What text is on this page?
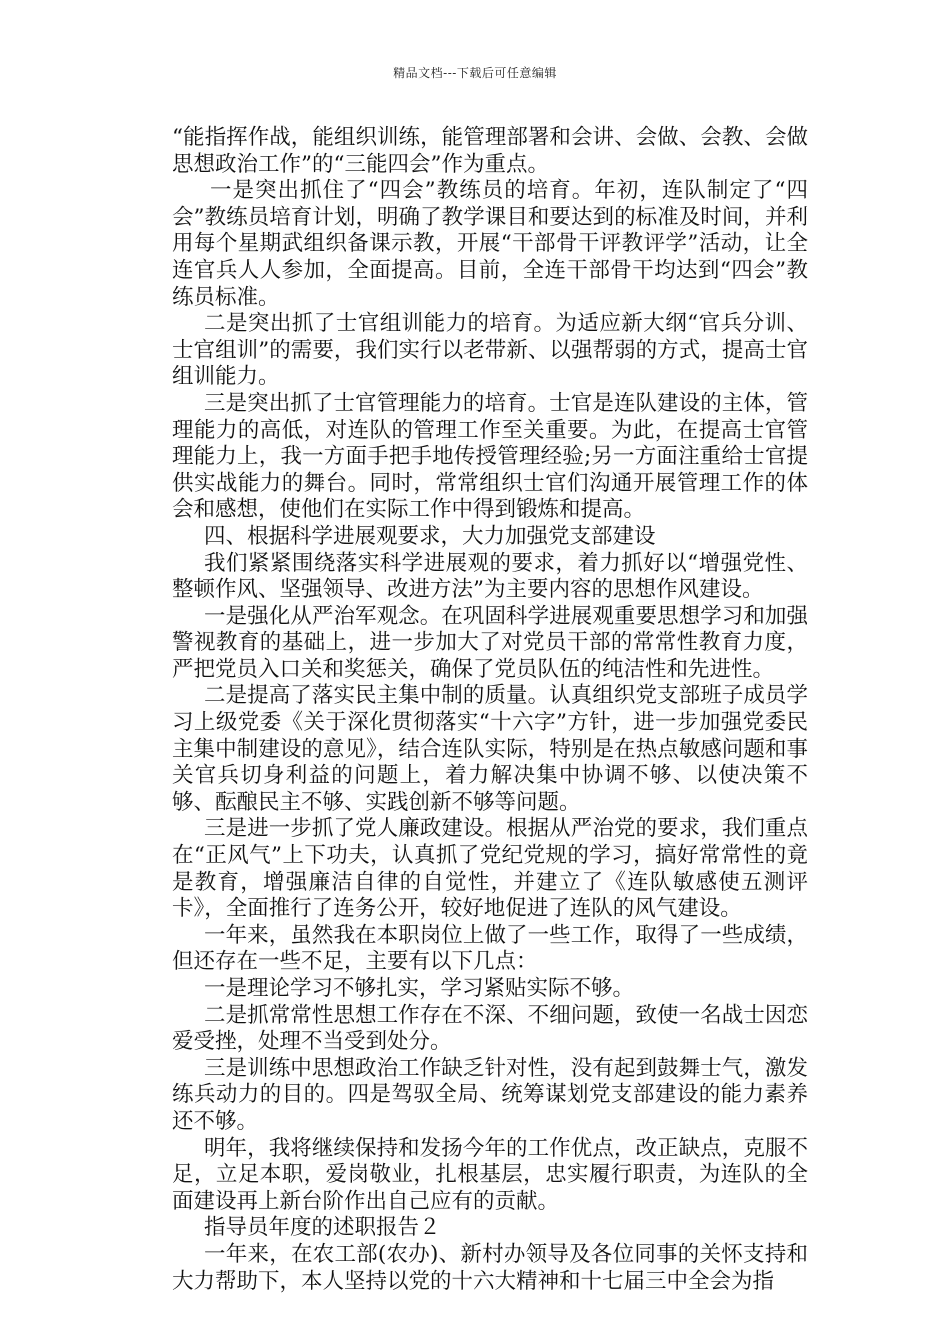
精品文档---下载后可任意编辑

“能指挥作战，能组织训练，能管理部署和会讲、会做、会教、会做思想政治工作”的“三能四会”作为重点。

一是突出抓住了“四会”教练员的培育。年初，连队制定了“四会”教练员培育计划，明确了教学课目和要达到的标准及时间，并利用每个星期武组织备课示教，开展“干部骨干评教评学”活动，让全连官兵人人参加，全面提高。目前，全连干部骨干均达到“四会”教练员标准。

二是突出抓了士官组训能力的培育。为适应新大纲“官兵分训、士官组训”的需要，我们实行以老带新、以强帮弱的方式，提高士官组训能力。

三是突出抓了士官管理能力的培育。士官是连队建设的主体，管理能力的高低，对连队的管理工作至关重要。为此，在提高士官管理能力上，我一方面手把手地传授管理经验;另一方面注重给士官提供实战能力的舞台。同时，常常组织士官们沟通开展管理工作的体会和感想，使他们在实际工作中得到锻炼和提高。

四、根据科学进展观要求，大力加强党支部建设

我们紧紧围绕落实科学进展观的要求，着力抓好以“增强党性、整顿作风、坚强领导、改进方法”为主要内容的思想作风建设。

一是强化从严治军观念。在巩固科学进展观重要思想学习和加强警视教育的基础上，进一步加大了对党员干部的常常性教育力度，严把党员入口关和奖惩关，确保了党员队伍的纯洁性和先进性。

二是提高了落实民主集中制的质量。认真组织党支部班子成员学习上级党委《关于深化贯彻落实“十六字”方针，进一步加强党委民主集中制建设的意见》，结合连队实际，特别是在热点敏感问题和事关官兵切身利益的问题上，着力解决集中协调不够、以使决策不够、酝酿民主不够、实践创新不够等问题。

三是进一步抓了党人廉政建设。根据从严治党的要求，我们重点在“正风气”上下功夫，认真抓了党纪党规的学习，搞好常常性的竟是教育，增强廉洁自律的自觉性，并建立了《连队敏感使五测评卡》，全面推行了连务公开，较好地促进了连队的风气建设。

一年来，虽然我在本职岗位上做了一些工作，取得了一些成绩，但还存在一些不足，主要有以下几点：

一是理论学习不够扎实，学习紧贴实际不够。

二是抓常常性思想工作存在不深、不细问题，致使一名战士因恋爱受挫，处理不当受到处分。

三是训练中思想政治工作缺乏针对性，没有起到鼓舞士气，激发练兵动力的目的。四是驾驭全局、统筹谋划党支部建设的能力素养还不够。

明年，我将继续保持和发扬今年的工作优点，改正缺点，克服不足，立足本职，爱岗敬业，扎根基层，忠实履行职责，为连队的全面建设再上新台阶作出自己应有的贡献。

指导员年度的述职报告２

一年来，在农工部(农办)、新村办领导及各位同事的关怀支持和大力帮助下，本人坚持以党的十六大精神和十七届三中全会为指
